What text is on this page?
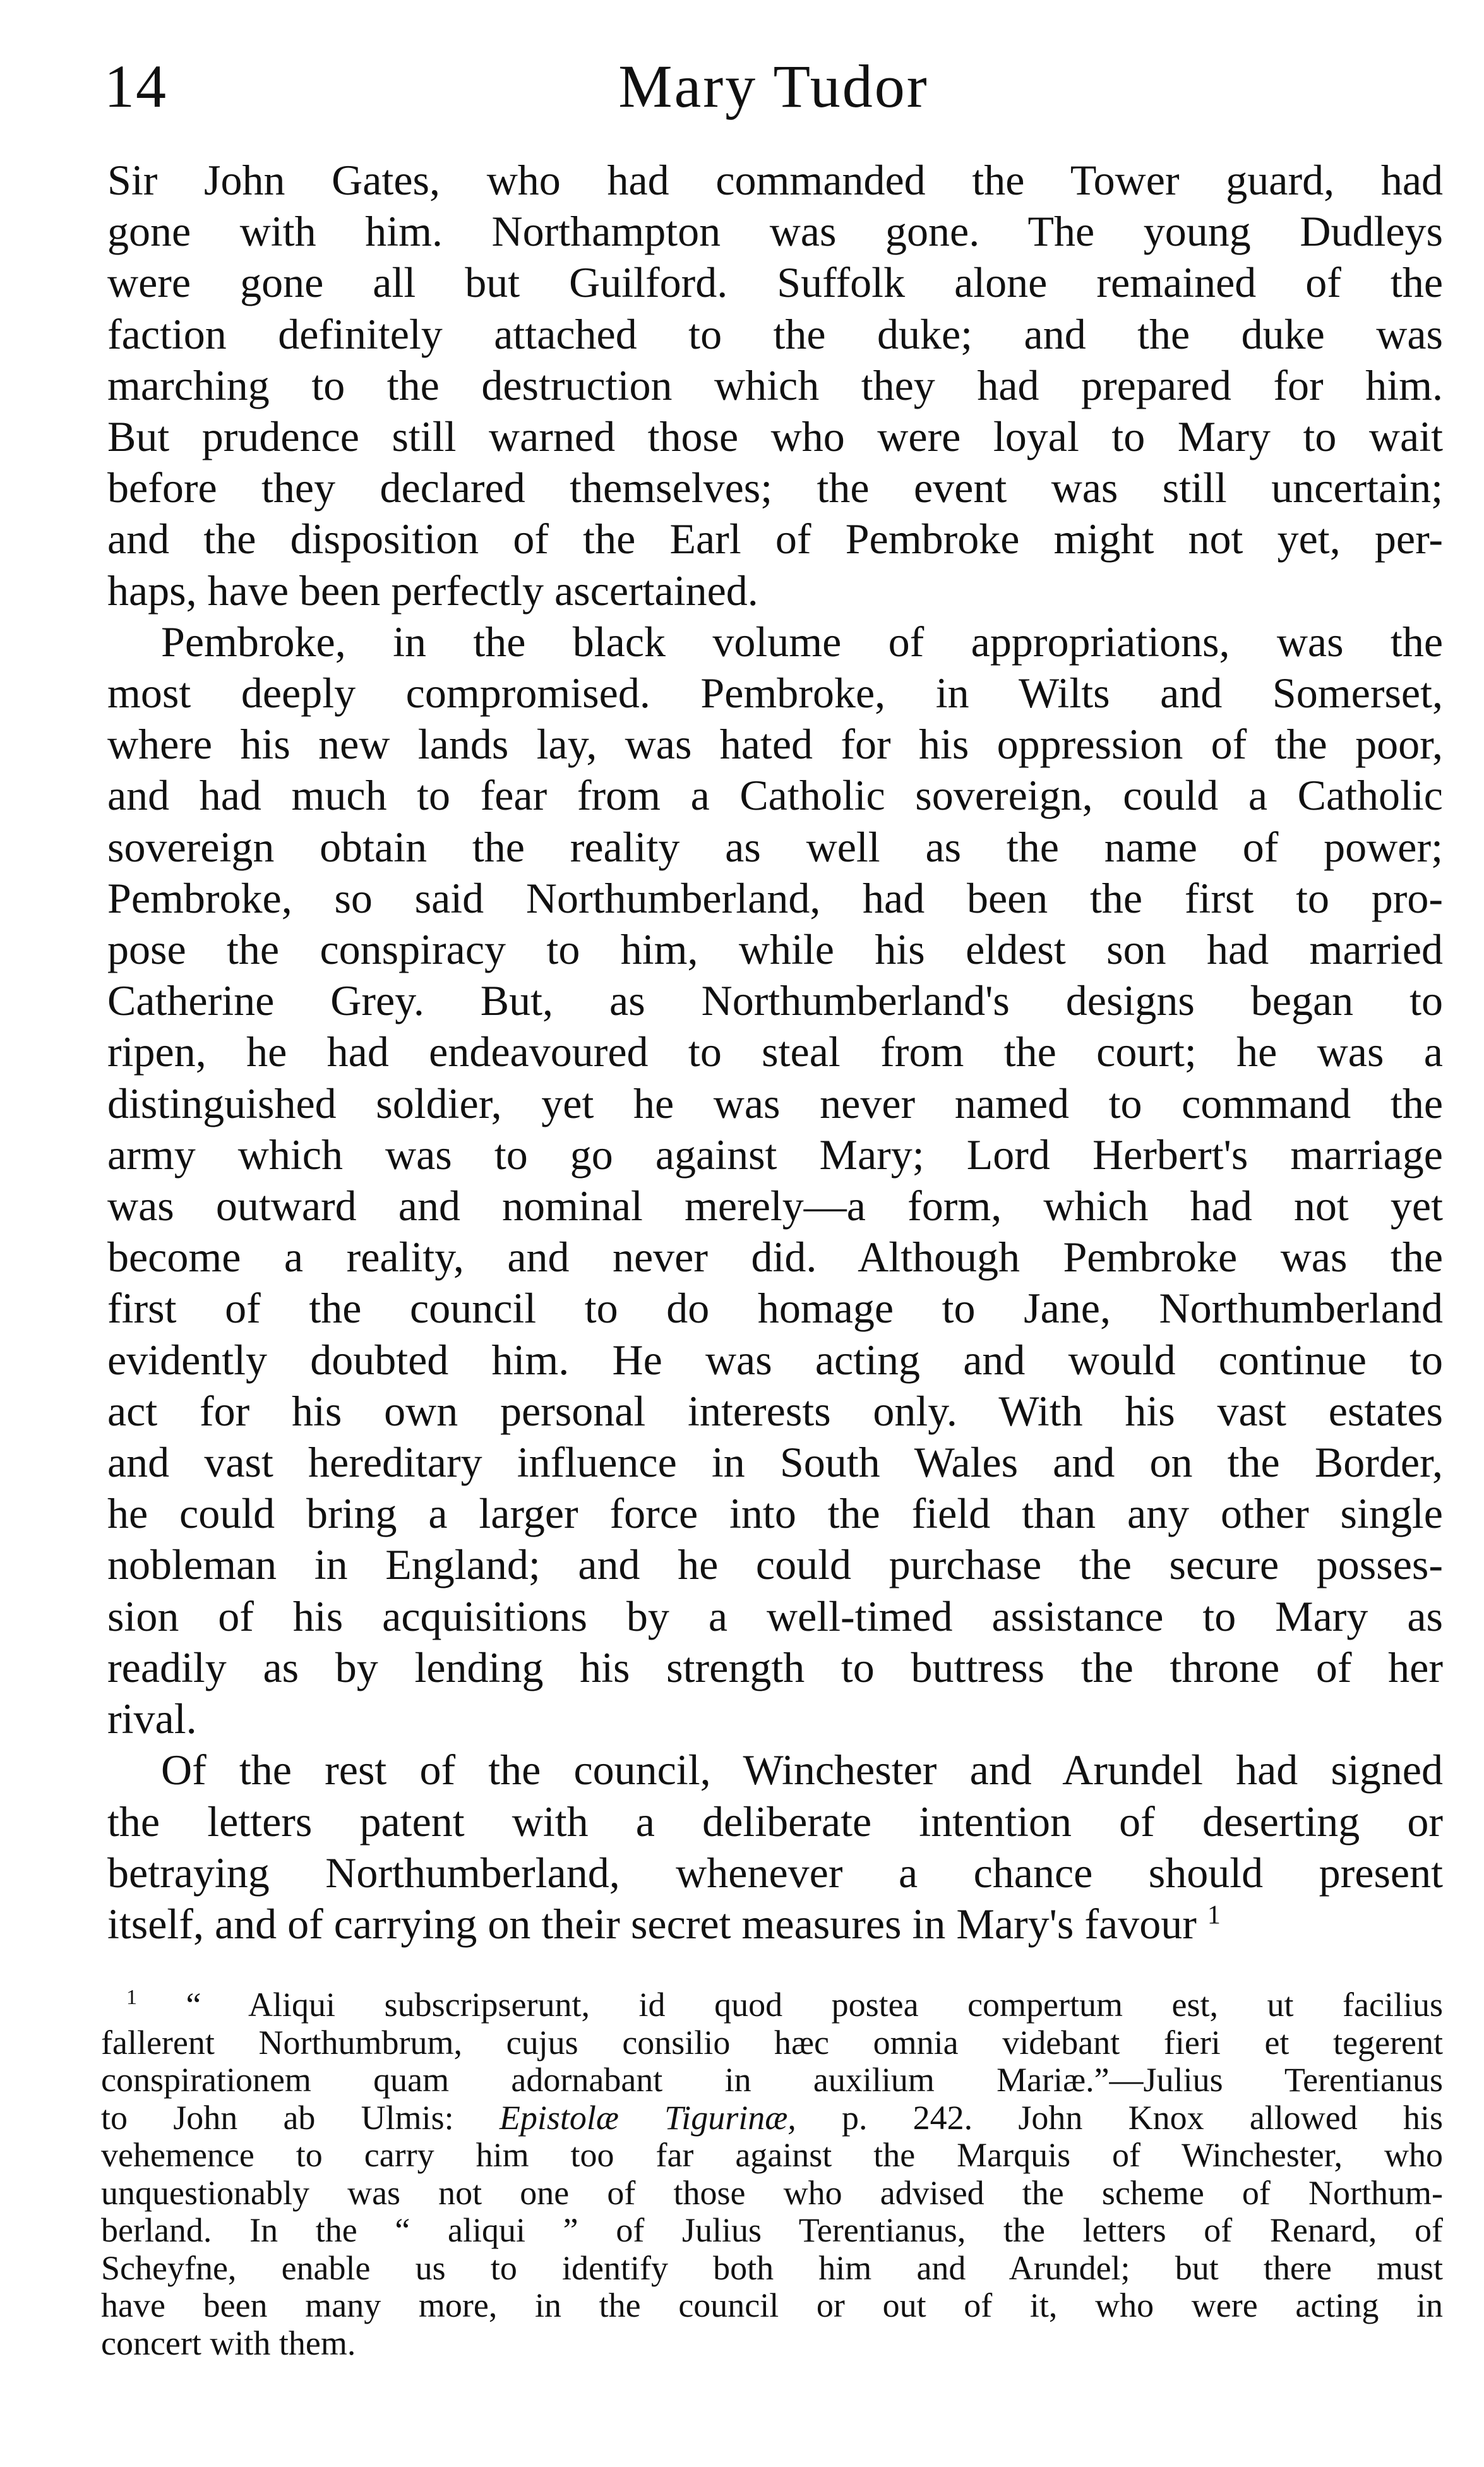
14	Mary Tudor
Sir John Gates, who had commanded the Tower guard, had
gone with him. Northampton was gone. The young Dudleys
were gone all but Guilford. Suffolk alone remained of the
faction definitely attached to the duke; and the duke was
marching to the destruction which they had prepared for him.
But prudence still warned those who were loyal to Mary to wait
before they declared themselves; the event was still uncertain;
and the disposition of the Earl of Pembroke might not yet, per-
haps, have been perfectly ascertained.
Pembroke, in the black volume of appropriations, was the
most deeply compromised. Pembroke, in Wilts and Somerset,
where his new lands lay, was hated for his oppression of the poor,
and had much to fear from a Catholic sovereign, could a Catholic
sovereign obtain the reality as well as the name of power;
Pembroke, so said Northumberland, had been the first to pro-
pose the conspiracy to him, while his eldest son had married
Catherine Grey. But, as Northumberland's designs began to
ripen, he had endeavoured to steal from the court; he was a
distinguished soldier, yet he was never named to command the
army which was to go against Mary; Lord Herbert's marriage
was outward and nominal merely—a form, which had not yet
become a reality, and never did. Although Pembroke was the
first of the council to do homage to Jane, Northumberland
evidently doubted him. He was acting and would continue to
act for his own personal interests only. With his vast estates
and vast hereditary influence in South Wales and on the Border,
he could bring a larger force into the field than any other single
nobleman in England; and he could purchase the secure posses-
sion of his acquisitions by a well-timed assistance to Mary as
readily as by lending his strength to buttress the throne of her
rival.
Of the rest of the council, Winchester and Arundel had signed
the letters patent with a deliberate intention of deserting or
betraying Northumberland, whenever a chance should present
itself, and of carrying on their secret measures in Mary's favour $^1$
$^1$ “ Aliqui subscripserunt, id quod postea compertum est, ut facilius
fallerent Northumbrum, cujus consilio hæc omnia videbant fieri et tegerent
conspirationem quam adornabant in auxilium Mariæ.”—Julius Terentianus
to John ab Ulmis: Epistolæ Tigurinæ, p. 242. John Knox allowed his
vehemence to carry him too far against the Marquis of Winchester, who
unquestionably was not one of those who advised the scheme of Northum-
berland. In the “ aliqui ” of Julius Terentianus, the letters of Renard, of
Scheyfne, enable us to identify both him and Arundel; but there must
have been many more, in the council or out of it, who were acting in
concert with them.
